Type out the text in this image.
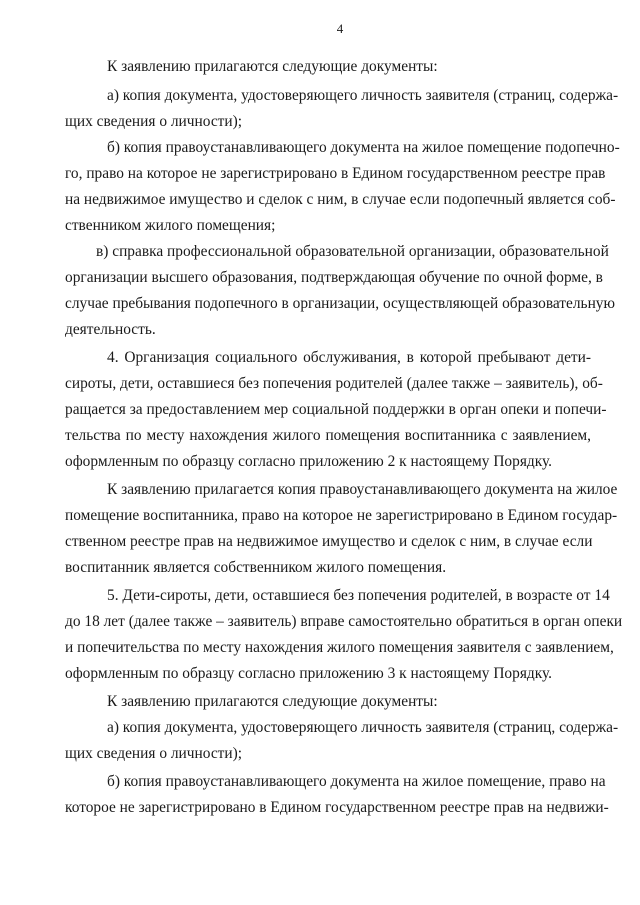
4
К заявлению прилагаются следующие документы:
а) копия документа, удостоверяющего личность заявителя (страниц, содержа-
щих сведения о личности);
б) копия правоустанавливающего документа на жилое помещение подопечно-
го, право на которое не зарегистрировано в Едином государственном реестре прав
на недвижимое имущество и сделок с ним, в случае если подопечный является соб-
ственником жилого помещения;
в) справка профессиональной образовательной организации, образовательной
организации высшего образования, подтверждающая обучение по очной форме, в
случае пребывания подопечного в организации, осуществляющей образовательную
деятельность.
4. Организация социального обслуживания, в которой пребывают дети-
сироты, дети, оставшиеся без попечения родителей (далее также – заявитель), об-
ращается за предоставлением мер социальной поддержки в орган опеки и попечи-
тельства по месту нахождения жилого помещения воспитанника с заявлением,
оформленным по образцу согласно приложению 2 к настоящему Порядку.
К заявлению прилагается копия правоустанавливающего документа на жилое
помещение воспитанника, право на которое не зарегистрировано в Едином государ-
ственном реестре прав на недвижимое имущество и сделок с ним, в случае если
воспитанник является собственником жилого помещения.
5. Дети-сироты, дети, оставшиеся без попечения родителей, в возрасте от 14
до 18 лет (далее также – заявитель) вправе самостоятельно обратиться в орган опеки
и попечительства по месту нахождения жилого помещения заявителя с заявлением,
оформленным по образцу согласно приложению 3 к настоящему Порядку.
К заявлению прилагаются следующие документы:
а) копия документа, удостоверяющего личность заявителя (страниц, содержа-
щих сведения о личности);
б) копия правоустанавливающего документа на жилое помещение, право на
которое не зарегистрировано в Едином государственном реестре прав на недвижи-
